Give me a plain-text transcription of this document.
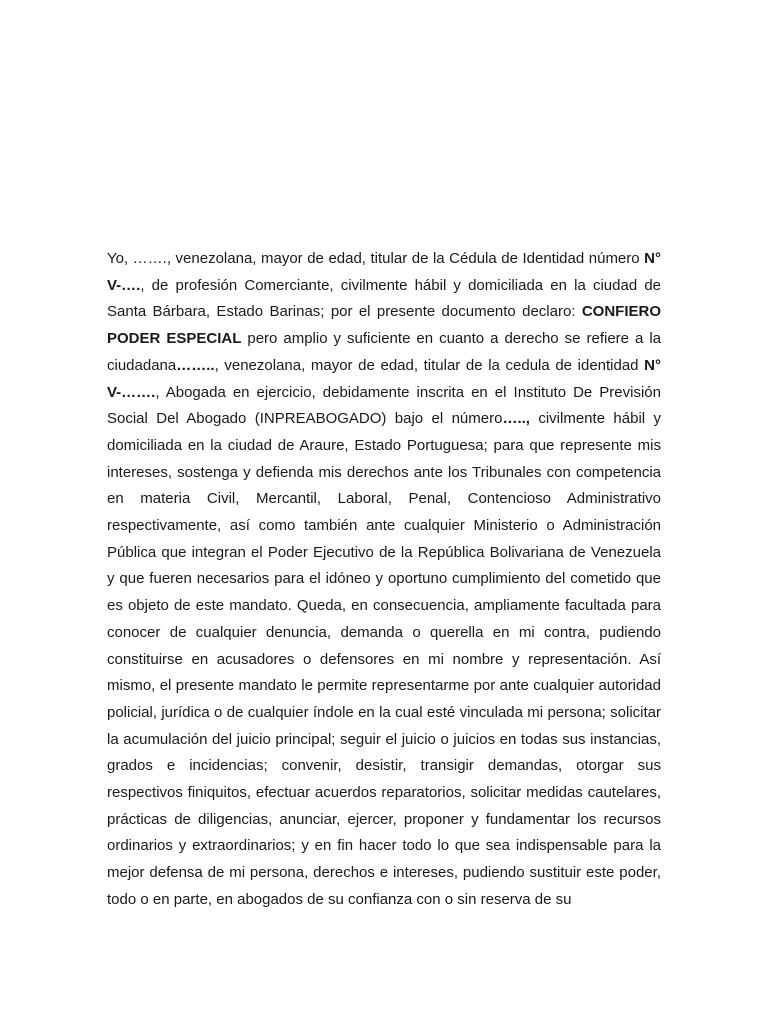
Yo, ……., venezolana, mayor de edad, titular de la Cédula de Identidad número N° V-…., de profesión Comerciante, civilmente hábil y domiciliada en la ciudad de Santa Bárbara, Estado Barinas; por el presente documento declaro: CONFIERO PODER ESPECIAL pero amplio y suficiente en cuanto a derecho se refiere a la ciudadana…….., venezolana, mayor de edad, titular de la cedula de identidad N° V-……., Abogada en ejercicio, debidamente inscrita en el Instituto De Previsión Social Del Abogado (INPREABOGADO) bajo el número….., civilmente hábil y domiciliada en la ciudad de Araure, Estado Portuguesa; para que represente mis intereses, sostenga y defienda mis derechos ante los Tribunales con competencia en materia Civil, Mercantil, Laboral, Penal, Contencioso Administrativo respectivamente, así como también ante cualquier Ministerio o Administración Pública que integran el Poder Ejecutivo de la República Bolivariana de Venezuela y que fueren necesarios para el idóneo y oportuno cumplimiento del cometido que es objeto de este mandato. Queda, en consecuencia, ampliamente facultada para conocer de cualquier denuncia, demanda o querella en mi contra, pudiendo constituirse en acusadores o defensores en mi nombre y representación. Así mismo, el presente mandato le permite representarme por ante cualquier autoridad policial, jurídica o de cualquier índole en la cual esté vinculada mi persona; solicitar la acumulación del juicio principal; seguir el juicio o juicios en todas sus instancias, grados e incidencias; convenir, desistir, transigir demandas, otorgar sus respectivos finiquitos, efectuar acuerdos reparatorios, solicitar medidas cautelares, prácticas de diligencias, anunciar, ejercer, proponer y fundamentar los recursos ordinarios y extraordinarios; y en fin hacer todo lo que sea indispensable para la mejor defensa de mi persona, derechos e intereses, pudiendo sustituir este poder, todo o en parte, en abogados de su confianza con o sin reserva de su
